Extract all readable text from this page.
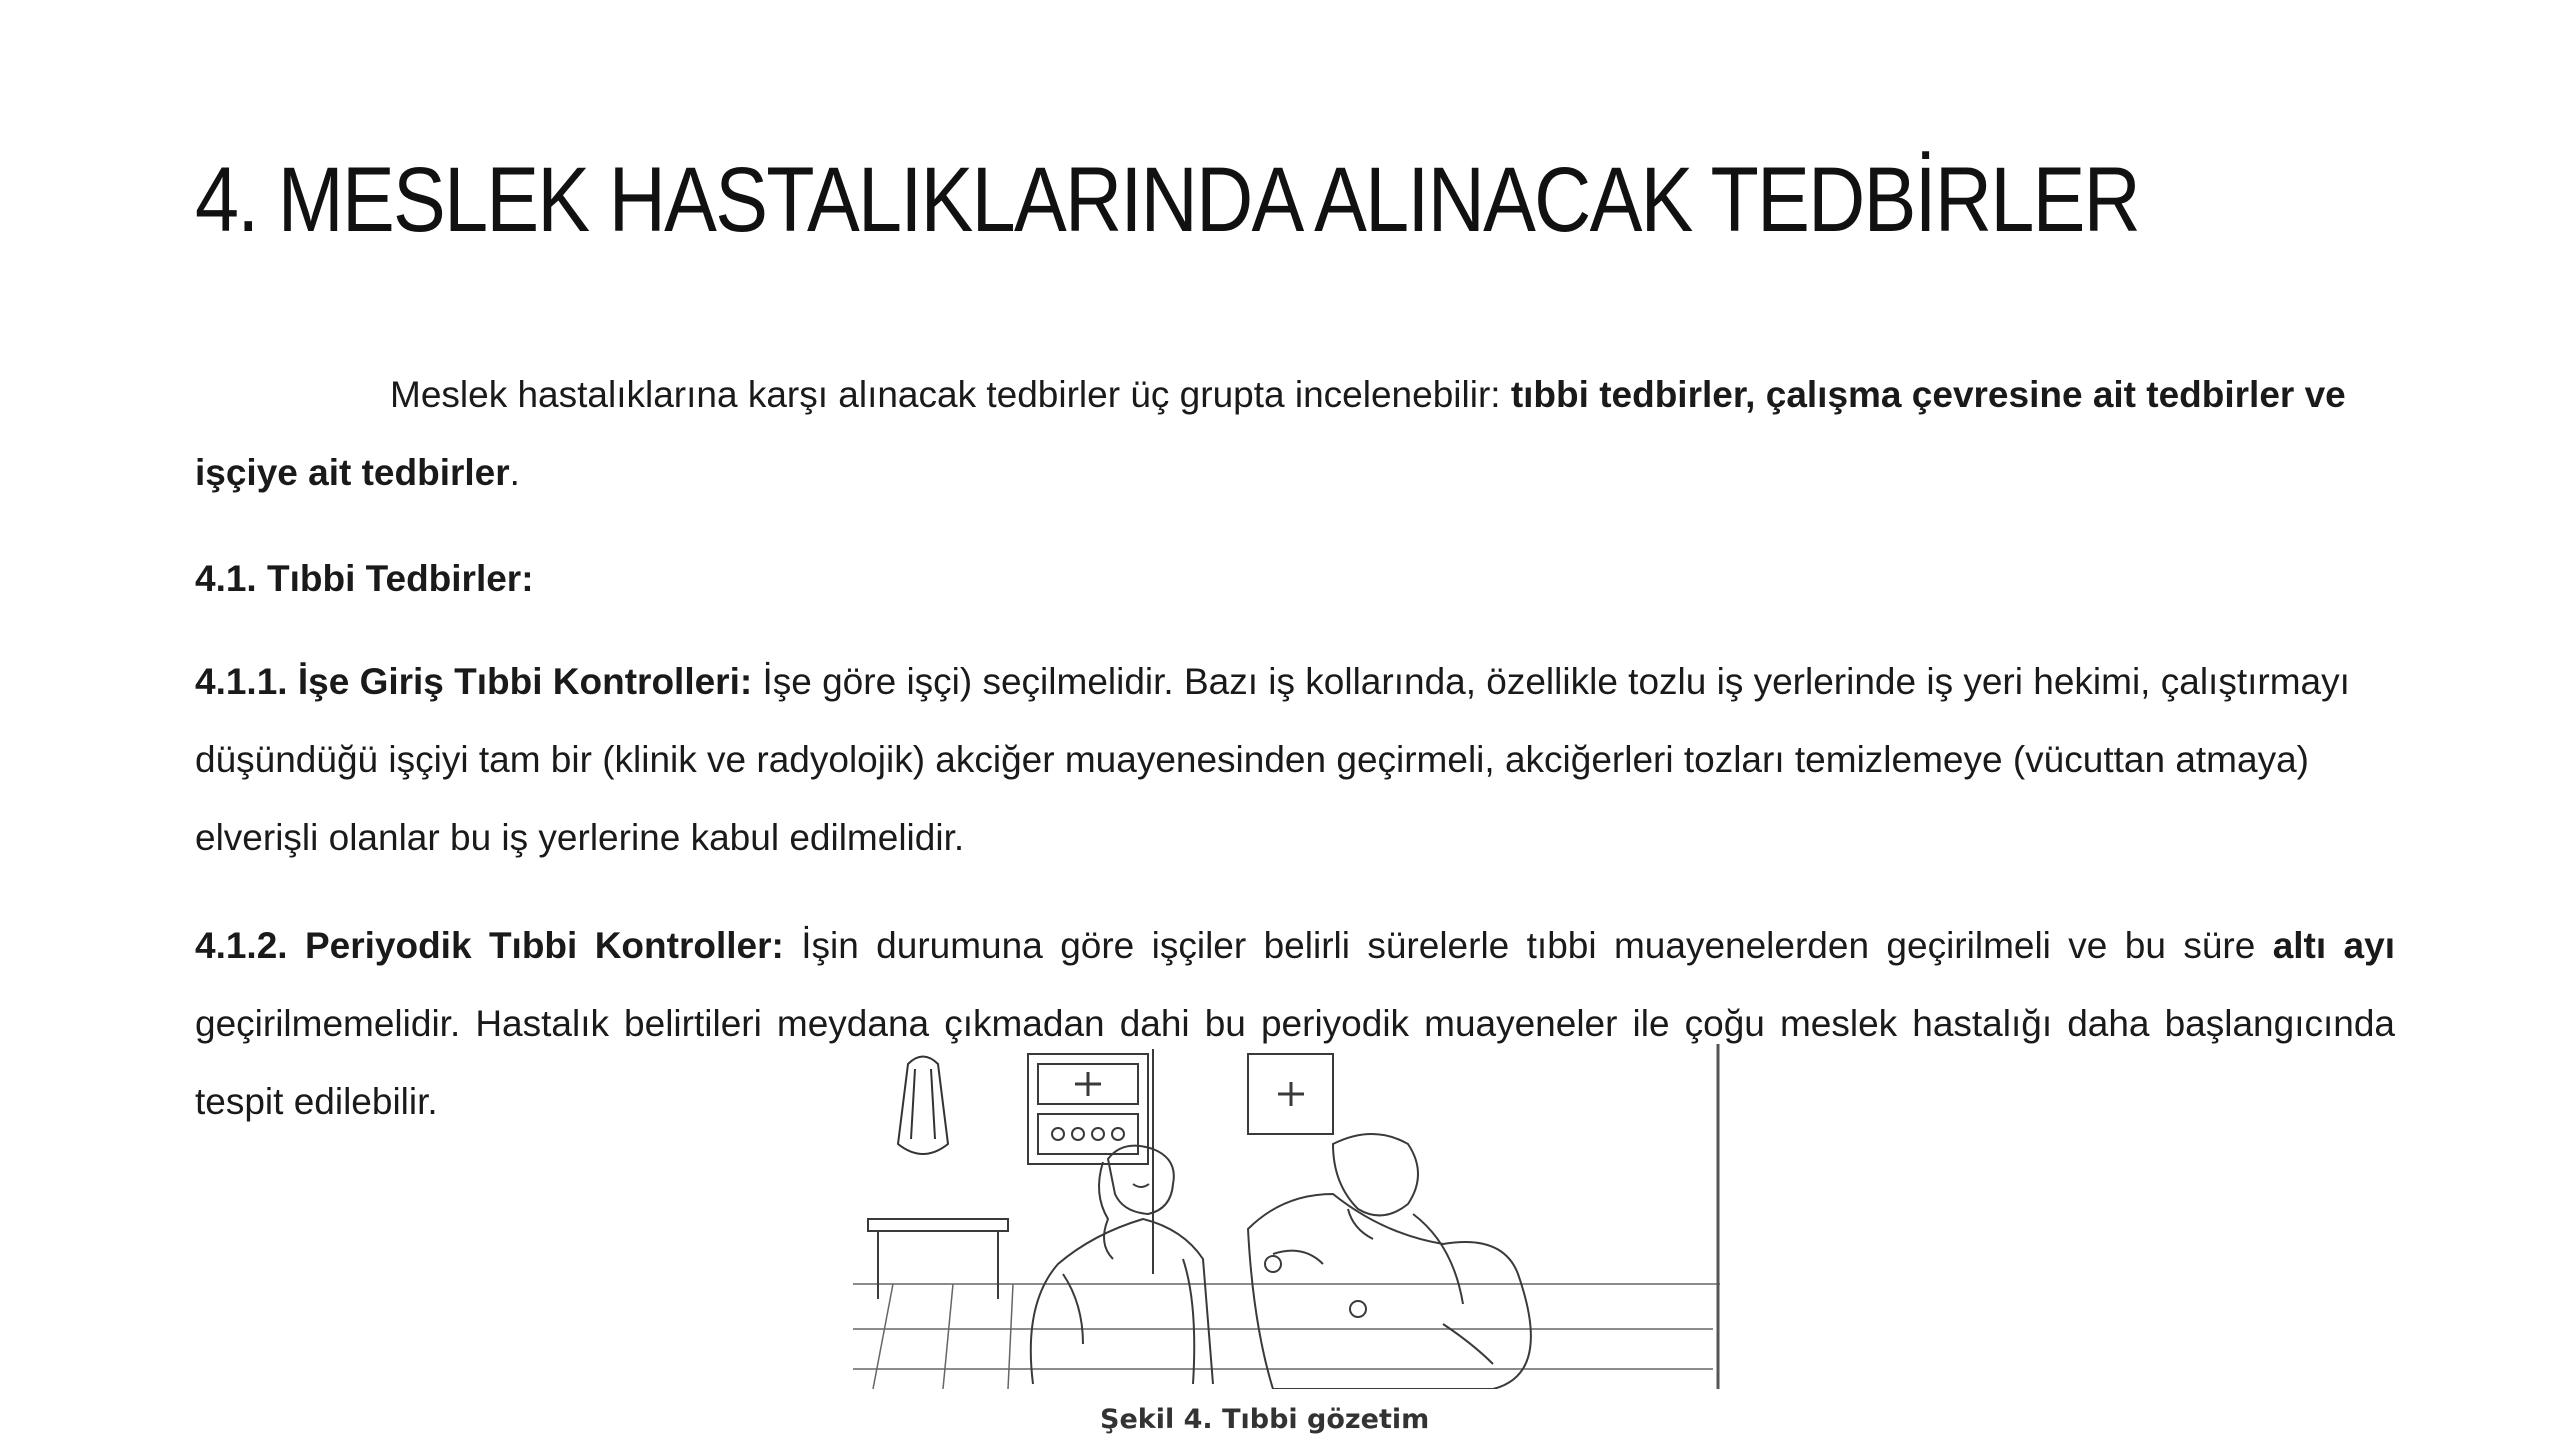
4. MESLEK HASTALIKLARINDA ALINACAK TEDBİRLER
Meslek hastalıklarına karşı alınacak tedbirler üç grupta incelenebilir: tıbbi tedbirler, çalışma çevresine ait tedbirler ve işçiye ait tedbirler.
4.1. Tıbbi Tedbirler:
4.1.1. İşe Giriş Tıbbi Kontrolleri: İşe göre işçi) seçilmelidir. Bazı iş kollarında, özellikle tozlu iş yerlerinde iş yeri hekimi, çalıştırmayı düşündüğü işçiyi tam bir (klinik ve radyolojik) akciğer muayenesinden geçirmeli, akciğerleri tozları temizlemeye (vücuttan atmaya) elverişli olanlar bu iş yerlerine kabul edilmelidir.
4.1.2. Periyodik Tıbbi Kontroller: İşin durumuna göre işçiler belirli sürelerle tıbbi muayenelerden geçirilmeli ve bu süre altı ayı geçirilmemelidir. Hastalık belirtileri meydana çıkmadan dahi bu periyodik muayeneler ile çoğu meslek hastalığı daha başlangıcında tespit edilebilir.
Şekil 4. Tıbbi gözetim
